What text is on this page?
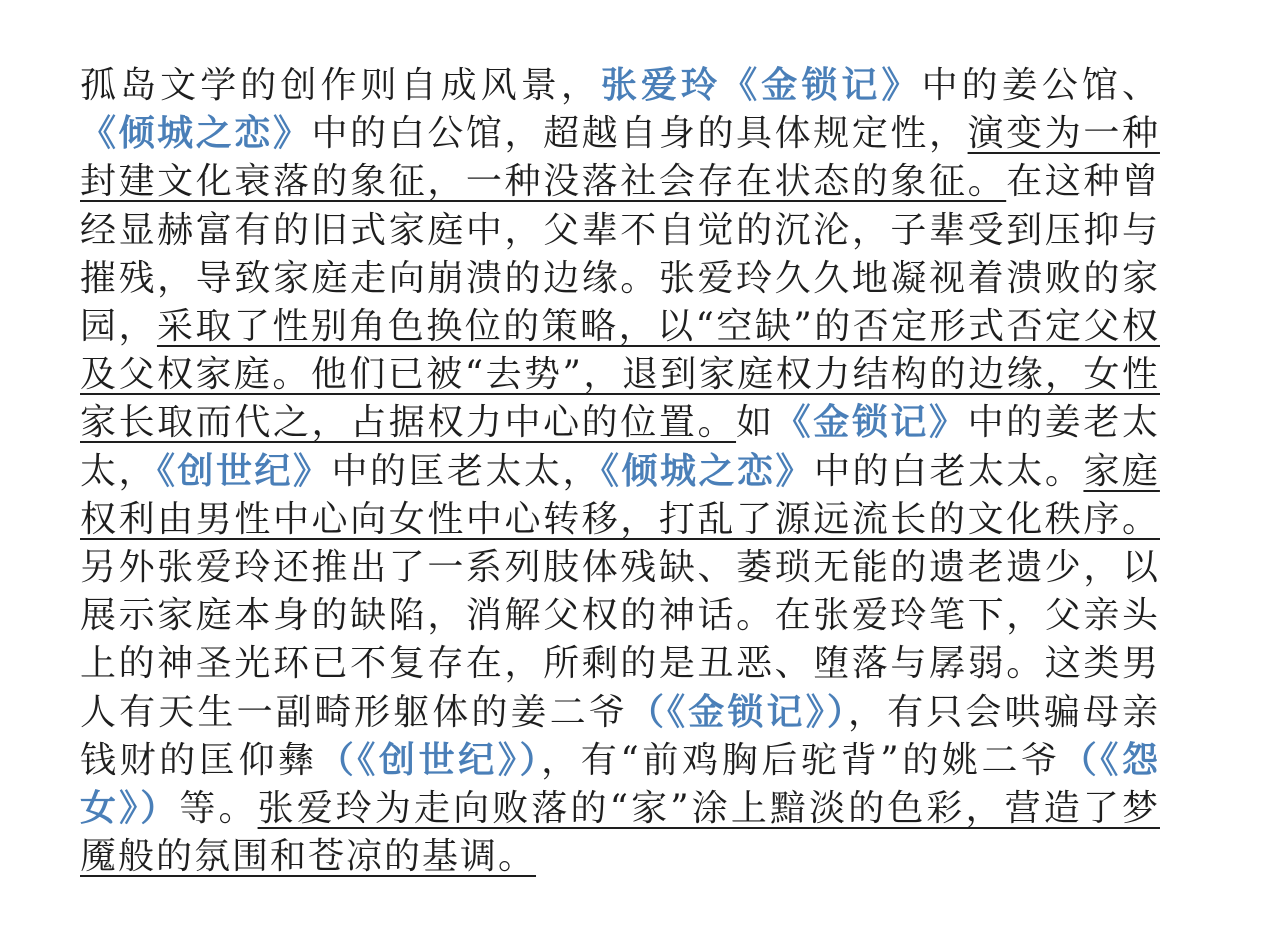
孤岛文学的创作则自成风景，张爱玲《金锁记》中的姜公馆、《倾城之恋》中的白公馆，超越自身的具体规定性，演变为一种封建文化衰落的象征，一种没落社会存在状态的象征。在这种曾经显赫富有的旧式家庭中，父辈不自觉的沉沦，子辈受到压抑与摧残，导致家庭走向崩溃的边缘。张爱玲久久地凝视着溃败的家园，采取了性别角色换位的策略，以“空缺”的否定形式否定父权及父权家庭。他们已被“去势”，退到家庭权力结构的边缘，女性家长取而代之，占据权力中心的位置。如《金锁记》中的姜老太太，《创世纪》中的匡老太太，《倾城之恋》中的白老太太。家庭权利由男性中心向女性中心转移，打乱了源远流长的文化秩序。另外张爱玲还推出了一系列肢体残缺、萎琐无能的遗老遗少，以展示家庭本身的缺陷，消解父权的神话。在张爱玲笔下，父亲头上的神圣光环已不复存在，所剩的是丑恶、堕落与孱弱。这类男人有天生一副畸形躯体的姜二爷（《金锁记》），有只会哄骗母亲钱财的匡仰彝（《创世纪》），有“前鸡胸后驼背”的姚二爷（《怨女》）等。张爱玲为走向败落的“家”涂上黯淡的色彩，营造了梦魇般的氛围和苍凉的基调。
